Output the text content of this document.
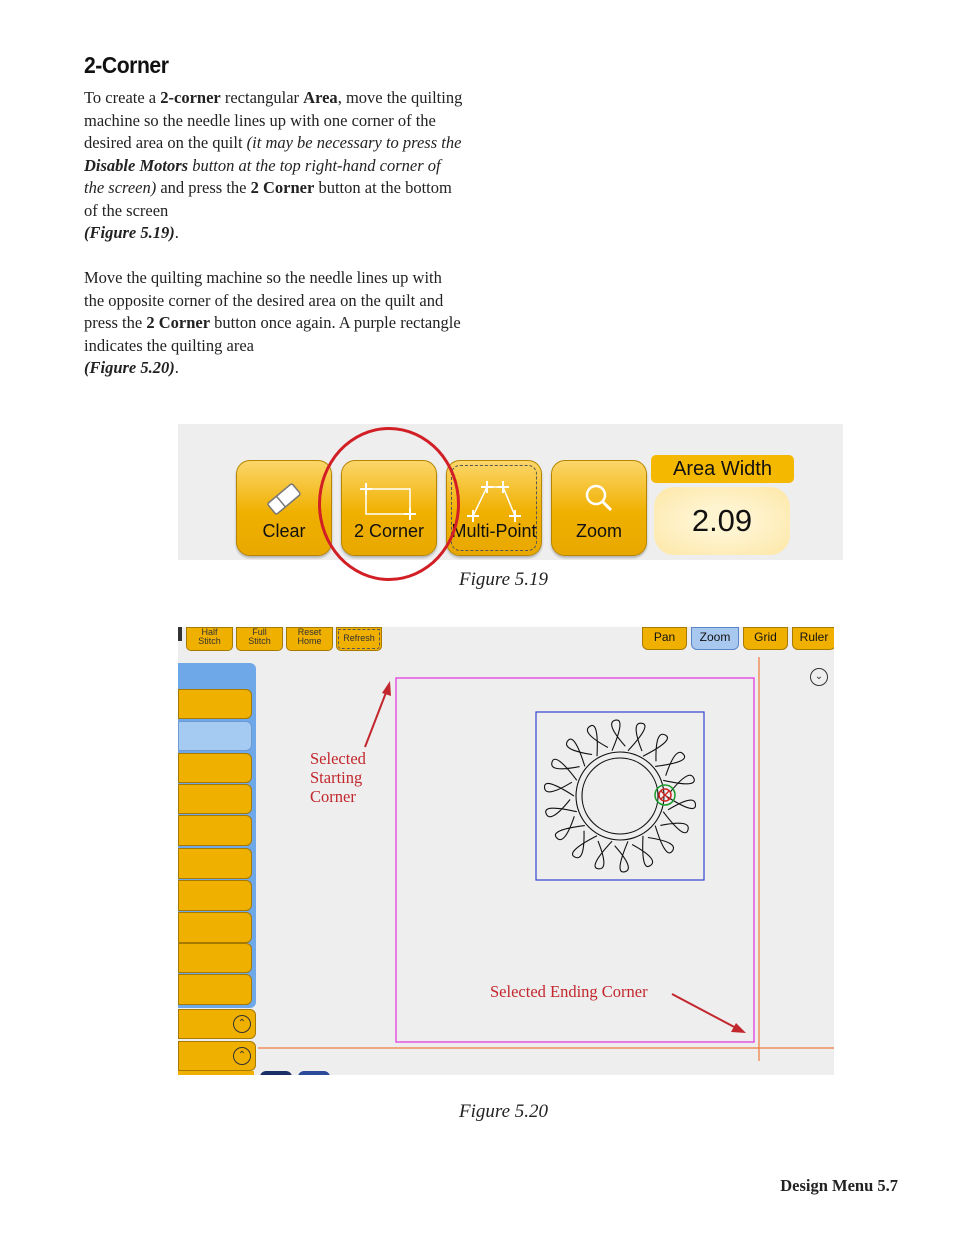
2-Corner
To create a 2-corner rectangular Area, move the quilting machine so the needle lines up with one corner of the desired area on the quilt (it may be necessary to press the Disable Motors button at the top right-hand corner of the screen) and press the 2 Corner button at the bottom of the screen
(Figure 5.19).
Move the quilting machine so the needle lines up with the opposite corner of the desired area on the quilt and press the 2 Corner button once again. A purple rectangle indicates the quilting area
(Figure 5.20).
Clear	2 Corner	Multi-Point	Zoom
Area Width
2.09
Figure 5.19
Half
Stitch
Full
Stitch
Reset
Home	Refresh	Pan	Zoom	Grid	Ruler
⌄
⌃
⌃
Selected
Starting
Corner
Selected Ending Corner
Figure 5.20
Design Menu 5.7
